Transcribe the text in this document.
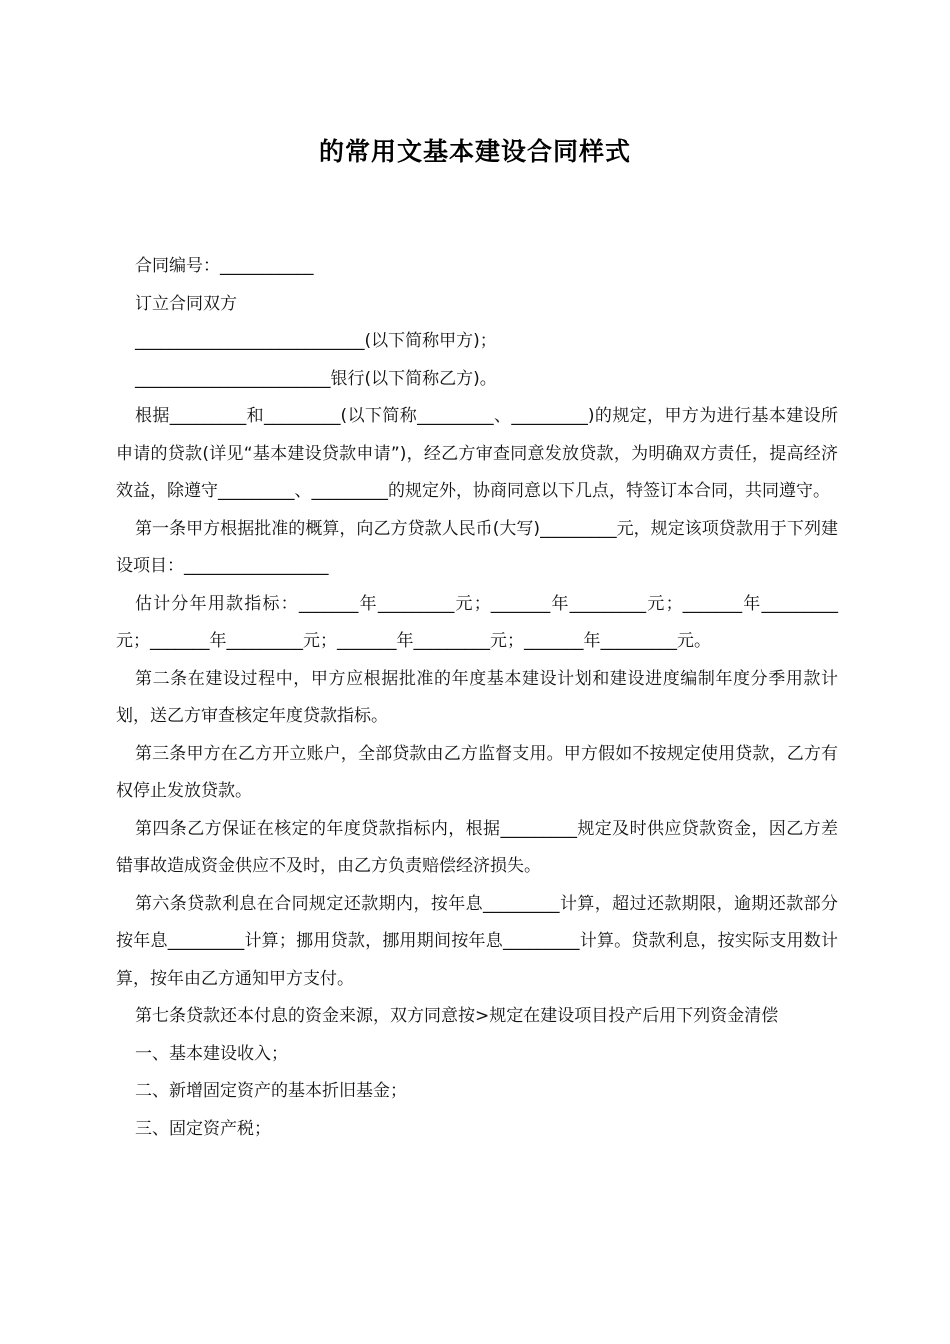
的常用文基本建设合同样式

合同编号：___________

订立合同双方

___________________________(以下简称甲方)；

_______________________银行(以下简称乙方)。

根据_________和_________(以下简称_________、_________)的规定，甲方为进行基本建设所申请的贷款(详见“基本建设贷款申请”)，经乙方审查同意发放贷款，为明确双方责任，提高经济效益，除遵守_________、_________的规定外，协商同意以下几点，特签订本合同，共同遵守。

第一条甲方根据批准的概算，向乙方贷款人民币(大写)_________元，规定该项贷款用于下列建设项目：_________________

估计分年用款指标：_______年_________元；_______年_________元；_______年_________元；_______年_________元；_______年_________元；_______年_________元。

第二条在建设过程中，甲方应根据批准的年度基本建设计划和建设进度编制年度分季用款计划，送乙方审查核定年度贷款指标。

第三条甲方在乙方开立账户，全部贷款由乙方监督支用。甲方假如不按规定使用贷款，乙方有权停止发放贷款。

第四条乙方保证在核定的年度贷款指标内，根据_________规定及时供应贷款资金，因乙方差错事故造成资金供应不及时，由乙方负责赔偿经济损失。

第六条贷款利息在合同规定还款期内，按年息_________计算，超过还款期限，逾期还款部分按年息_________计算；挪用贷款，挪用期间按年息_________计算。贷款利息，按实际支用数计算，按年由乙方通知甲方支付。

第七条贷款还本付息的资金来源，双方同意按>规定在建设项目投产后用下列资金清偿

一、基本建设收入；

二、新增固定资产的基本折旧基金；

三、固定资产税；
